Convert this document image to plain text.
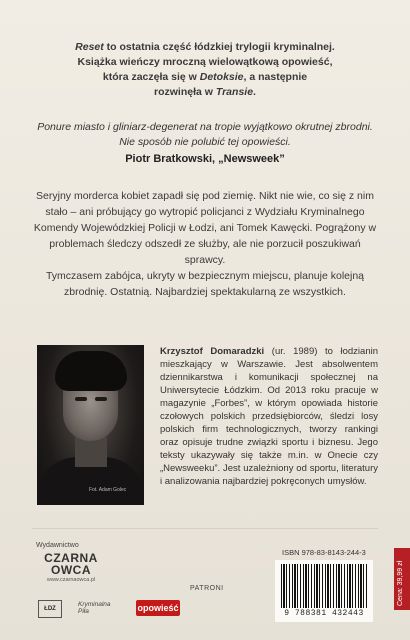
Reset to ostatnia część łódzkiej trylogii kryminalnej.
Książka wieńczy mroczną wielowątkową opowieść,
która zaczęła się w Detoksie, a następnie
rozwinęła w Transie.
Ponure miasto i gliniarz-degenerat na tropie wyjątkowo okrutnej zbrodni.
Nie sposób nie polubić tej opowieści.
Piotr Bratkowski, „Newsweek”
Seryjny morderca kobiet zapadł się pod ziemię. Nikt nie wie, co się z nim stało – ani próbujący go wytropić policjanci z Wydziału Kryminalnego Komendy Wojewódzkiej Policji w Łodzi, ani Tomek Kawęcki. Pogrążony w problemach śledczy odszedł ze służby, ale nie porzucił poszukiwań sprawcy.
Tymczasem zabójca, ukryty w bezpiecznym miejscu, planuje kolejną zbrodnię. Ostatnią. Najbardziej spektakularną ze wszystkich.
Fot. Adam Golec
Krzysztof Domaradzki (ur. 1989) to łodzianin mieszkający w Warszawie. Jest absolwentem dziennikarstwa i komunikacji społecznej na Uniwersytecie Łódzkim. Od 2013 roku pracuje w magazynie „Forbes”, w którym opowiada historie czołowych polskich przedsiębiorców, śledzi losy polskich firm technologicznych, tworzy rankingi oraz opisuje trudne związki sportu i biznesu. Jego teksty ukazywały się także m.in. w Onecie czy „Newsweeku”. Jest uzależniony od sportu, literatury i analizowania najbardziej pokręconych umysłów.
Wydawnictwo
CZARNA
OWCA
www.czarnaowca.pl
PATRONI
ŁDZ
Kryminalna Piła	opowieść
ISBN 978-83-8143-244-3
9 788381 432443
Cena: 39,99 zł
